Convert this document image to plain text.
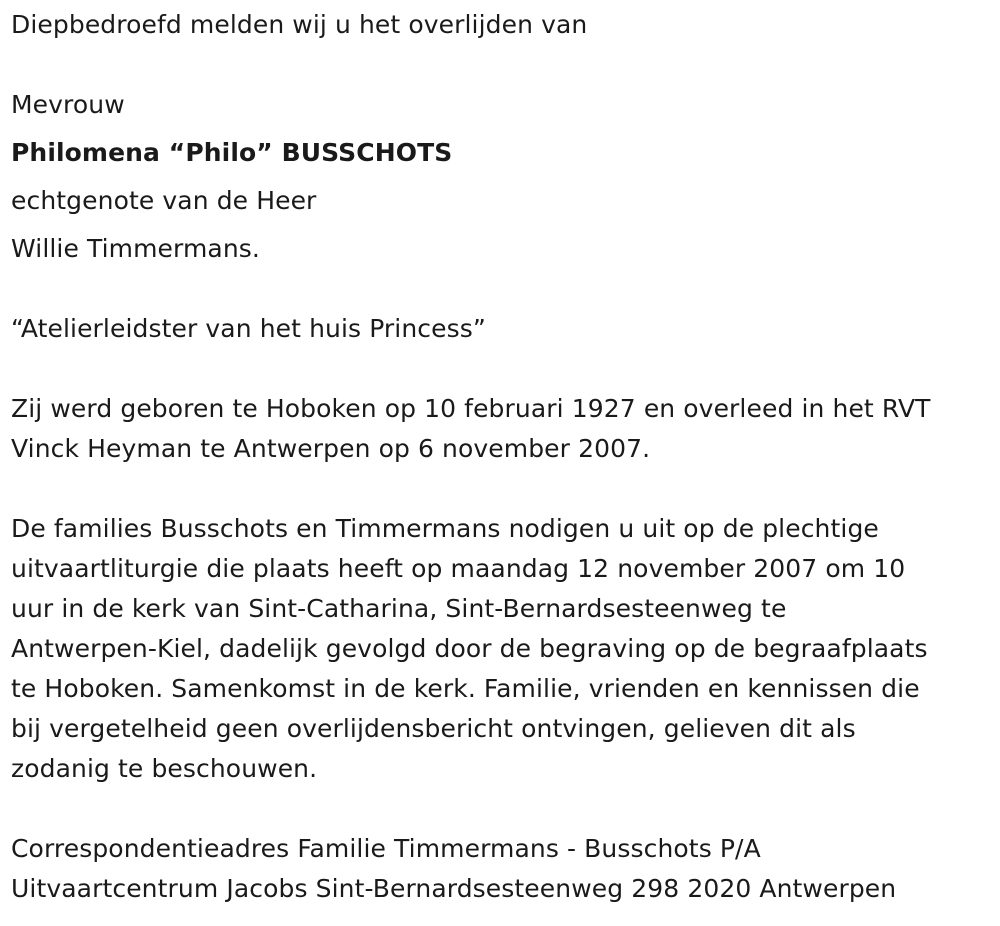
Diepbedroefd melden wij u het overlijden van
Mevrouw
Philomena “Philo” BUSSCHOTS
echtgenote van de Heer
Willie Timmermans.
“Atelierleidster van het huis Princess”
Zij werd geboren te Hoboken op 10 februari 1927 en overleed in het RVT
Vinck Heyman te Antwerpen op 6 november 2007.
De families Busschots en Timmermans nodigen u uit op de plechtige
uitvaartliturgie die plaats heeft op maandag 12 november 2007 om 10
uur in de kerk van Sint-Catharina, Sint-Bernardsesteenweg te
Antwerpen-Kiel, dadelijk gevolgd door de begraving op de begraafplaats
te Hoboken. Samenkomst in de kerk. Familie, vrienden en kennissen die
bij vergetelheid geen overlijdensbericht ontvingen, gelieven dit als
zodanig te beschouwen.
Correspondentieadres Familie Timmermans - Busschots P/A
Uitvaartcentrum Jacobs Sint-Bernardsesteenweg 298 2020 Antwerpen
